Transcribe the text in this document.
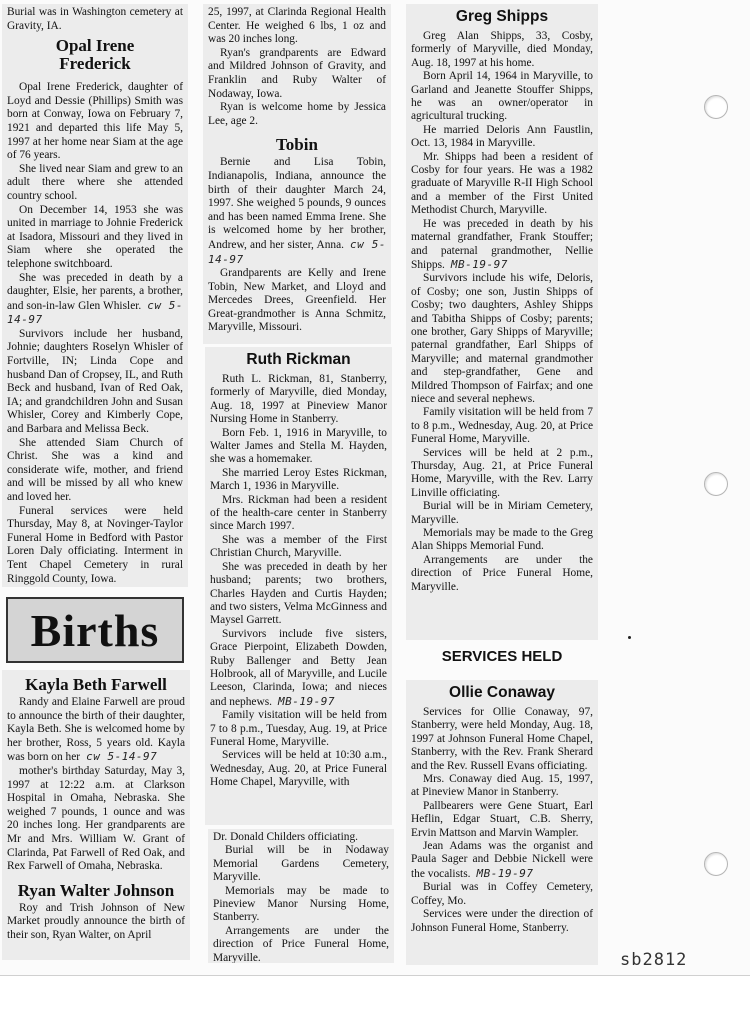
Burial was in Washington cemetery at Gravity, IA.

Opal Irene Frederick

Opal Irene Frederick, daughter of Loyd and Dessie (Phillips) Smith was born at Conway, Iowa on February 7, 1921 and departed this life May 5, 1997 at her home near Siam at the age of 76 years.

She lived near Siam and grew to an adult there where she attended country school.

On December 14, 1953 she was united in marriage to Johnie Frederick at Isadora, Missouri and they lived in Siam where she operated the telephone switchboard.

She was preceded in death by a daughter, Elsie, her parents, a brother, and son-in-law Glen Whisler. cw 5-14-97

Survivors include her husband, Johnie; daughters Roselyn Whisler of Fortville, IN; Linda Cope and husband Dan of Cropsey, IL, and Ruth Beck and husband, Ivan of Red Oak, IA; and grandchildren John and Susan Whisler, Corey and Kimberly Cope, and Barbara and Melissa Beck.

She attended Siam Church of Christ. She was a kind and considerate wife, mother, and friend and will be missed by all who knew and loved her.

Funeral services were held Thursday, May 8, at Novinger-Taylor Funeral Home in Bedford with Pastor Loren Daly officiating. Interment in Tent Chapel Cemetery in rural Ringgold County, Iowa.

Births
Kayla Beth Farwell

Randy and Elaine Farwell are proud to announce the birth of their daughter, Kayla Beth. She is welcomed home by her brother, Ross, 5 years old. Kayla was born on her cw 5-14-97

mother's birthday Saturday, May 3, 1997 at 12:22 a.m. at Clarkson Hospital in Omaha, Nebraska. She weighed 7 pounds, 1 ounce and was 20 inches long. Her grandparents are Mr and Mrs. William W. Grant of Clarinda, Pat Farwell of Red Oak, and Rex Farwell of Omaha, Nebraska.

Ryan Walter Johnson

Roy and Trish Johnson of New Market proudly announce the birth of their son, Ryan Walter, on April

25, 1997, at Clarinda Regional Health Center. He weighed 6 lbs, 1 oz and was 20 inches long.

Ryan's grandparents are Edward and Mildred Johnson of Gravity, and Franklin and Ruby Walter of Nodaway, Iowa.

Ryan is welcome home by Jessica Lee, age 2.

Tobin

Bernie and Lisa Tobin, Indianapolis, Indiana, announce the birth of their daughter March 24, 1997. She weighed 5 pounds, 9 ounces and has been named Emma Irene. She is welcomed home by her brother, Andrew, and her sister, Anna. cw 5-14-97

Grandparents are Kelly and Irene Tobin, New Market, and Lloyd and Mercedes Drees, Greenfield. Her Great-grandmother is Anna Schmitz, Maryville, Missouri.

Ruth Rickman

Ruth L. Rickman, 81, Stanberry, formerly of Maryville, died Monday, Aug. 18, 1997 at Pineview Manor Nursing Home in Stanberry.

Born Feb. 1, 1916 in Maryville, to Walter James and Stella M. Hayden, she was a homemaker.

She married Leroy Estes Rickman, March 1, 1936 in Maryville.

Mrs. Rickman had been a resident of the health-care center in Stanberry since March 1997.

She was a member of the First Christian Church, Maryville.

She was preceded in death by her husband; parents; two brothers, Charles Hayden and Curtis Hayden; and two sisters, Velma McGinness and Maysel Garrett.

Survivors include five sisters, Grace Pierpoint, Elizabeth Dowden, Ruby Ballenger and Betty Jean Holbrook, all of Maryville, and Lucile Leeson, Clarinda, Iowa; and nieces and nephews. MB-19-97

Family visitation will be held from 7 to 8 p.m., Tuesday, Aug. 19, at Price Funeral Home, Maryville.

Services will be held at 10:30 a.m., Wednesday, Aug. 20, at Price Funeral Home Chapel, Maryville, with

Dr. Donald Childers officiating.

Burial will be in Nodaway Memorial Gardens Cemetery, Maryville.

Memorials may be made to Pineview Manor Nursing Home, Stanberry.

Arrangements are under the direction of Price Funeral Home, Maryville.

Greg Shipps

Greg Alan Shipps, 33, Cosby, formerly of Maryville, died Monday, Aug. 18, 1997 at his home.

Born April 14, 1964 in Maryville, to Garland and Jeanette Stouffer Shipps, he was an owner/operator in agricultural trucking.

He married Deloris Ann Faustlin, Oct. 13, 1984 in Maryville.

Mr. Shipps had been a resident of Cosby for four years. He was a 1982 graduate of Maryville R-II High School and a member of the First United Methodist Church, Maryville.

He was preceded in death by his maternal grandfather, Frank Stouffer; and paternal grandmother, Nellie Shipps. MB-19-97

Survivors include his wife, Deloris, of Cosby; one son, Justin Shipps of Cosby; two daughters, Ashley Shipps and Tabitha Shipps of Cosby; parents; one brother, Gary Shipps of Maryville; paternal grandfather, Earl Shipps of Maryville; and maternal grandmother and step-grandfather, Gene and Mildred Thompson of Fairfax; and one niece and several nephews.

Family visitation will be held from 7 to 8 p.m., Wednesday, Aug. 20, at Price Funeral Home, Maryville.

Services will be held at 2 p.m., Thursday, Aug. 21, at Price Funeral Home, Maryville, with the Rev. Larry Linville officiating.

Burial will be in Miriam Cemetery, Maryville.

Memorials may be made to the Greg Alan Shipps Memorial Fund.

Arrangements are under the direction of Price Funeral Home, Maryville.

SERVICES HELD
Ollie Conaway

Services for Ollie Conaway, 97, Stanberry, were held Monday, Aug. 18, 1997 at Johnson Funeral Home Chapel, Stanberry, with the Rev. Frank Sherard and the Rev. Russell Evans officiating.

Mrs. Conaway died Aug. 15, 1997, at Pineview Manor in Stanberry.

Pallbearers were Gene Stuart, Earl Heflin, Edgar Stuart, C.B. Sherry, Ervin Mattson and Marvin Wampler.

Jean Adams was the organist and Paula Sager and Debbie Nickell were the vocalists. MB-19-97

Burial was in Coffey Cemetery, Coffey, Mo.

Services were under the direction of Johnson Funeral Home, Stanberry.

sb2812
